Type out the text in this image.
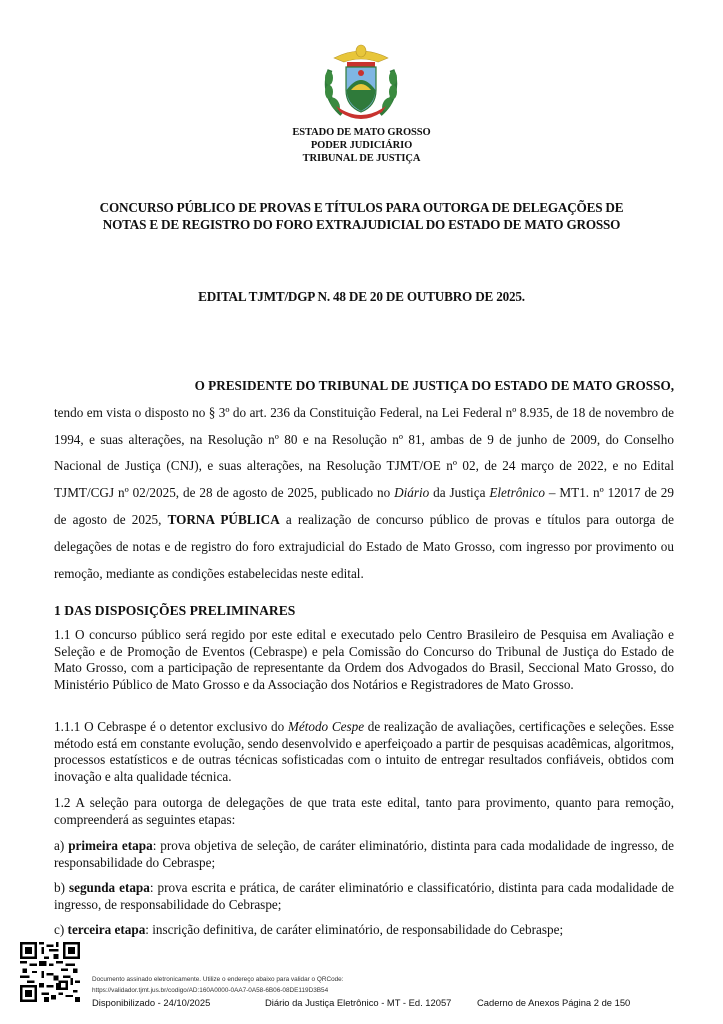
ESTADO DE MATO GROSSO
PODER JUDICIÁRIO
TRIBUNAL DE JUSTIÇA
CONCURSO PÚBLICO DE PROVAS E TÍTULOS PARA OUTORGA DE DELEGAÇÕES DE
NOTAS E DE REGISTRO DO FORO EXTRAJUDICIAL DO ESTADO DE MATO GROSSO
EDITAL TJMT/DGP N. 48 DE 20 DE OUTUBRO DE 2025.
O PRESIDENTE DO TRIBUNAL DE JUSTIÇA DO ESTADO DE MATO GROSSO,
tendo em vista o disposto no § 3º do art. 236 da Constituição Federal, na Lei Federal nº 8.935, de 18 de novembro de 1994, e suas alterações, na Resolução nº 80 e na Resolução nº 81, ambas de 9 de junho de 2009, do Conselho Nacional de Justiça (CNJ), e suas alterações, na Resolução TJMT/OE nº 02, de 24 março de 2022, e no Edital TJMT/CGJ nº 02/2025, de 28 de agosto de 2025, publicado no Diário da Justiça Eletrônico – MT1. nº 12017 de 29 de agosto de 2025, TORNA PÚBLICA a realização de concurso público de provas e títulos para outorga de delegações de notas e de registro do foro extrajudicial do Estado de Mato Grosso, com ingresso por provimento ou remoção, mediante as condições estabelecidas neste edital.
1 DAS DISPOSIÇÕES PRELIMINARES
1.1 O concurso público será regido por este edital e executado pelo Centro Brasileiro de Pesquisa em Avaliação e Seleção e de Promoção de Eventos (Cebraspe) e pela Comissão do Concurso do Tribunal de Justiça do Estado de Mato Grosso, com a participação de representante da Ordem dos Advogados do Brasil, Seccional Mato Grosso, do Ministério Público de Mato Grosso e da Associação dos Notários e Registradores de Mato Grosso.
1.1.1 O Cebraspe é o detentor exclusivo do Método Cespe de realização de avaliações, certificações e seleções. Esse método está em constante evolução, sendo desenvolvido e aperfeiçoado a partir de pesquisas acadêmicas, algoritmos, processos estatísticos e de outras técnicas sofisticadas com o intuito de entregar resultados confiáveis, obtidos com inovação e alta qualidade técnica.
1.2 A seleção para outorga de delegações de que trata este edital, tanto para provimento, quanto para remoção, compreenderá as seguintes etapas:
a) primeira etapa: prova objetiva de seleção, de caráter eliminatório, distinta para cada modalidade de ingresso, de responsabilidade do Cebraspe;
b) segunda etapa: prova escrita e prática, de caráter eliminatório e classificatório, distinta para cada modalidade de ingresso, de responsabilidade do Cebraspe;
c) terceira etapa: inscrição definitiva, de caráter eliminatório, de responsabilidade do Cebraspe;
Documento assinado eletronicamente. Utilize o endereço abaixo para validar o QRCode:
https://validador.tjmt.jus.br/codigo/AD:160A0000-0AA7-0A58-6B06-08DE119D3B54
Disponibilizado - 24/10/2025	Diário da Justiça Eletrônico - MT - Ed. 12057	Caderno de Anexos Página 2 de 150
